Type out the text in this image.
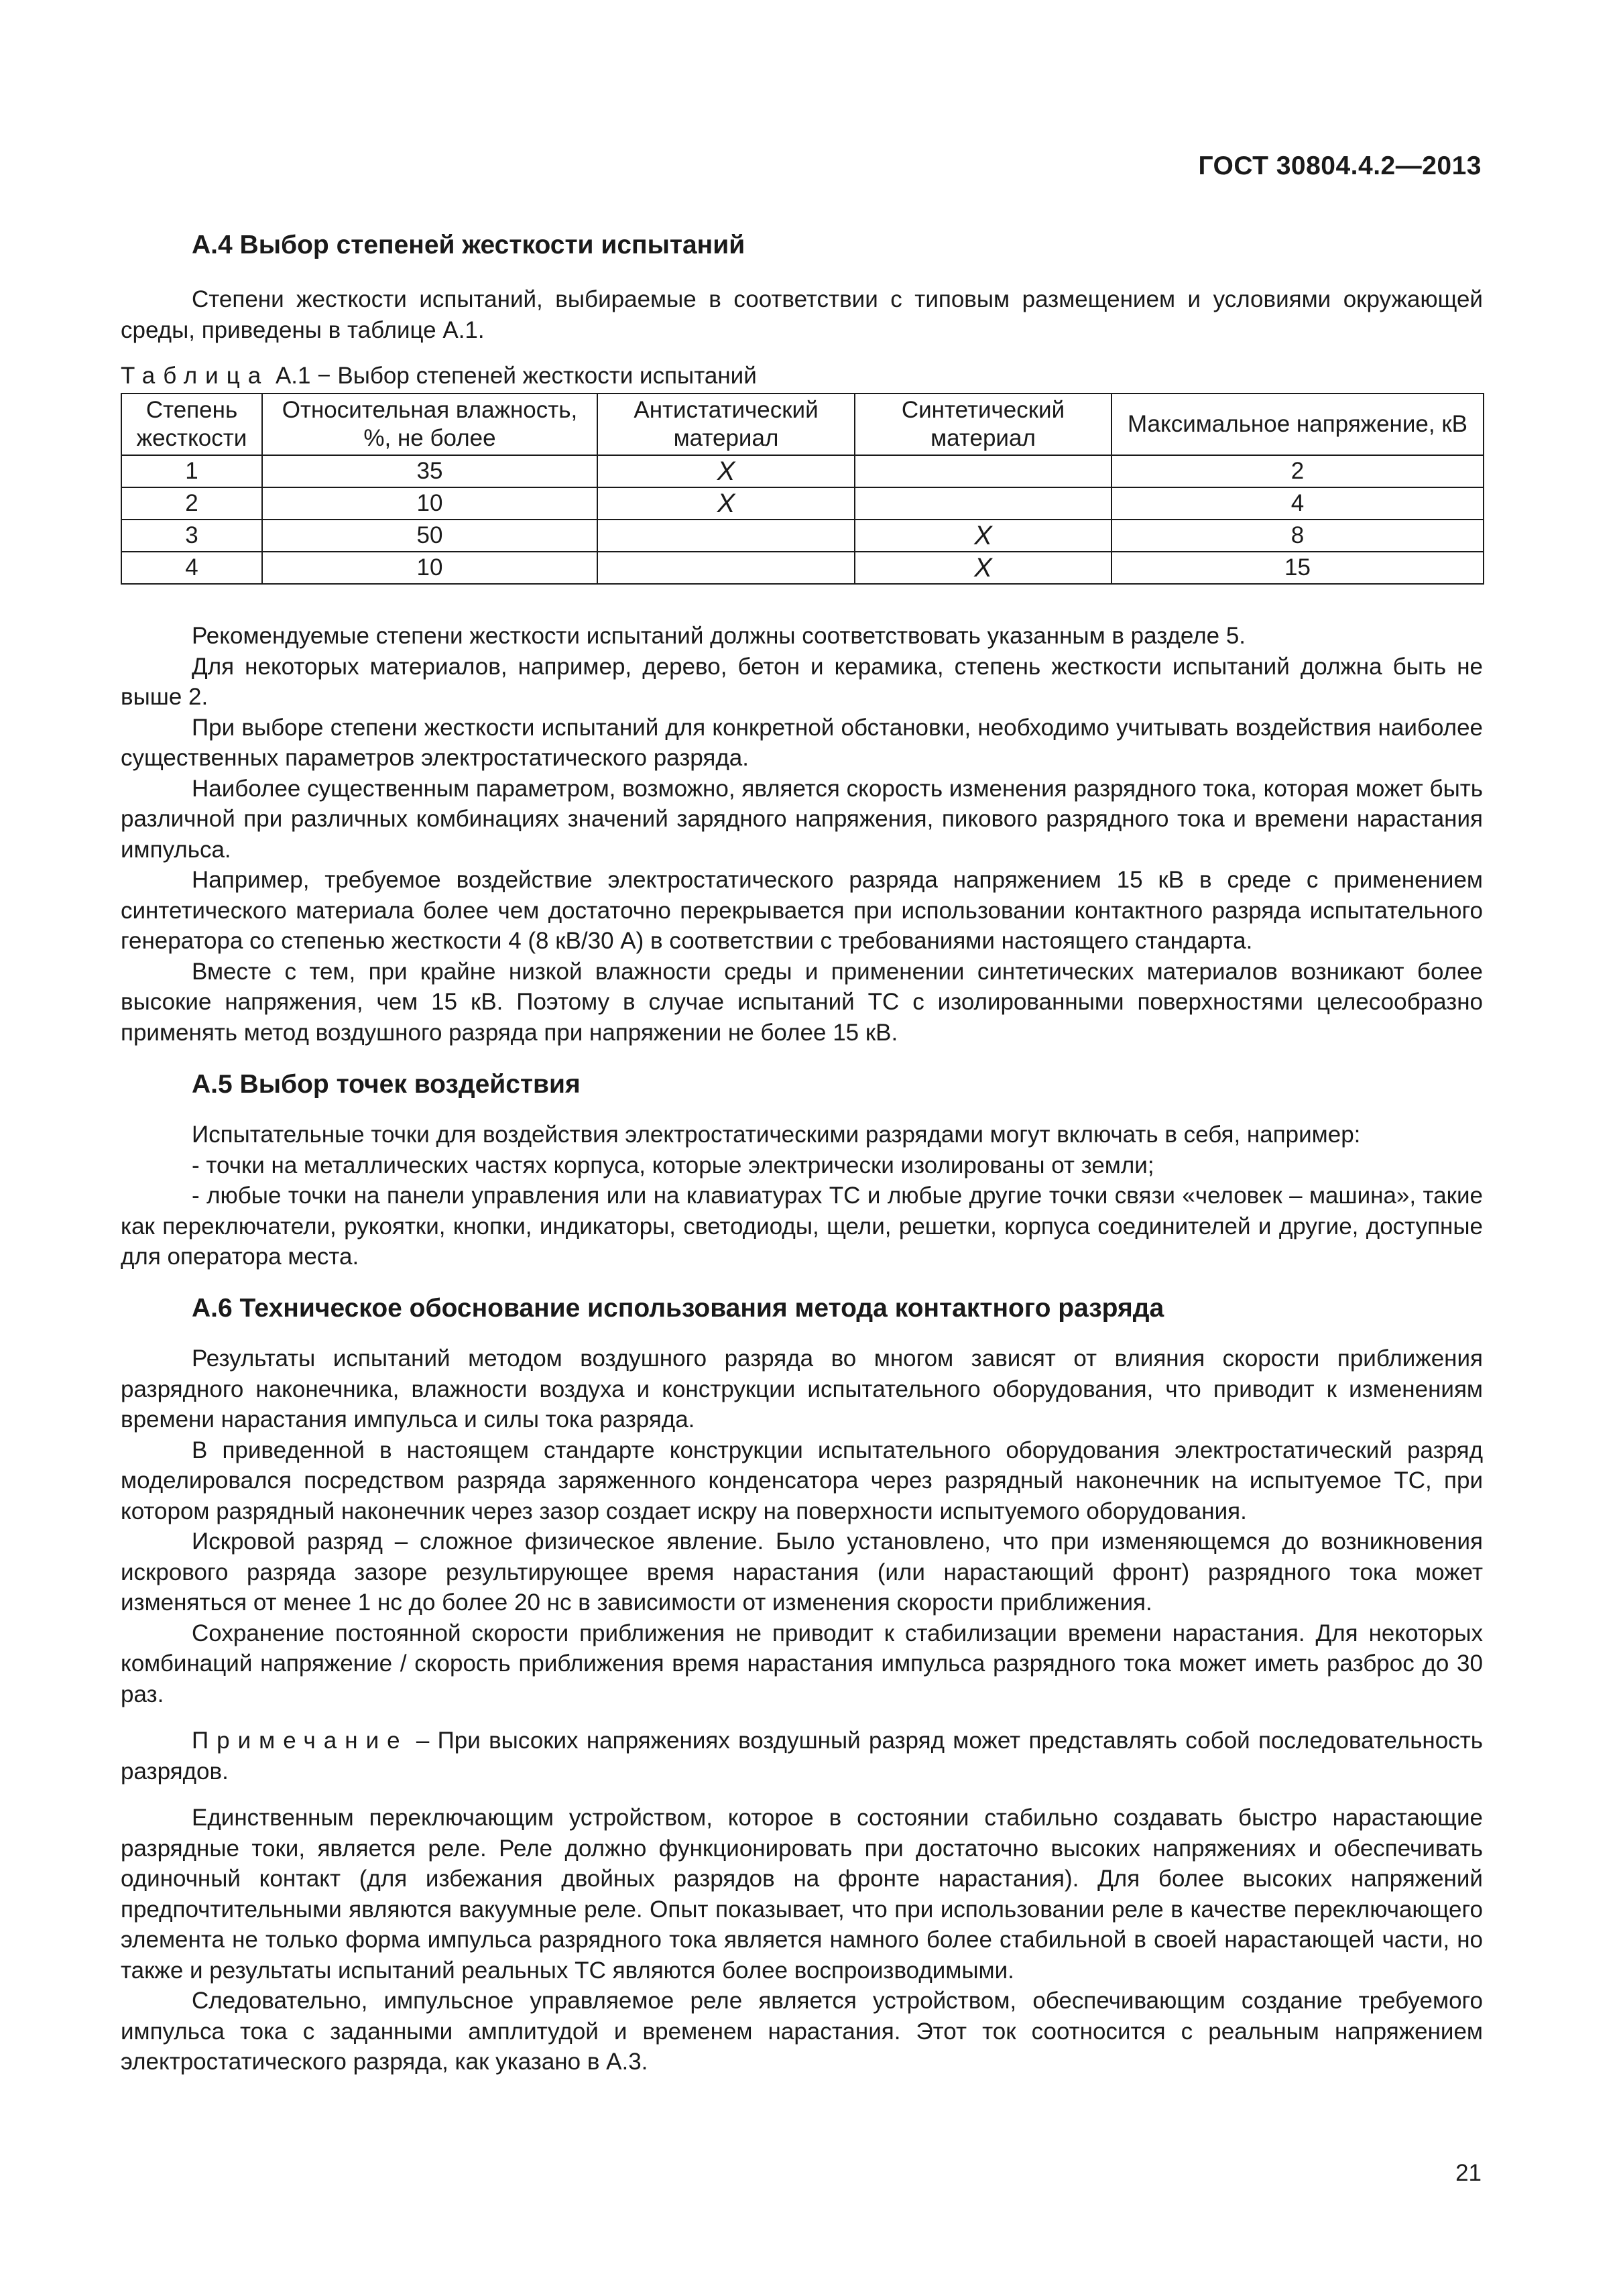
ГОСТ 30804.4.2—2013
А.4 Выбор степеней жесткости испытаний

Степени жесткости испытаний, выбираемые в соответствии с типовым размещением и условиями окружающей среды, приведены в таблице А.1.

Таблица А.1 − Выбор степеней жесткости испытаний
Степень жесткости	Относительная влажность, %, не более	Антистатический материал	Синтетический материал	Максимальное напряжение, кВ
1	35	X		2
2	10	X		4
3	50		X	8
4	10		X	15

Рекомендуемые степени жесткости испытаний должны соответствовать указанным в разделе 5.

Для некоторых материалов, например, дерево, бетон и керамика, степень жесткости испытаний должна быть не выше 2.

При выборе степени жесткости испытаний для конкретной обстановки, необходимо учитывать воздействия наиболее существенных параметров электростатического разряда.

Наиболее существенным параметром, возможно, является скорость изменения разрядного тока, которая может быть различной при различных комбинациях значений зарядного напряжения, пикового разрядного тока и времени нарастания импульса.

Например, требуемое воздействие электростатического разряда напряжением 15 кВ в среде с применением синтетического материала более чем достаточно перекрывается при использовании контактного разряда испытательного генератора со степенью жесткости 4 (8 кВ/30 А) в соответствии с требованиями настоящего стандарта.

Вместе с тем, при крайне низкой влажности среды и применении синтетических материалов возникают более высокие напряжения, чем 15 кВ. Поэтому в случае испытаний ТС с изолированными поверхностями целесообразно применять метод воздушного разряда при напряжении не более 15 кВ.

А.5 Выбор точек воздействия

Испытательные точки для воздействия электростатическими разрядами могут включать в себя, например:

- точки на металлических частях корпуса, которые электрически изолированы от земли;

- любые точки на панели управления или на клавиатурах ТС и любые другие точки связи «человек – машина», такие как переключатели, рукоятки, кнопки, индикаторы, светодиоды, щели, решетки, корпуса соединителей и другие, доступные для оператора места.

А.6 Техническое обоснование использования метода контактного разряда

Результаты испытаний методом воздушного разряда во многом зависят от влияния скорости приближения разрядного наконечника, влажности воздуха и конструкции испытательного оборудования, что приводит к изменениям времени нарастания импульса и силы тока разряда.

В приведенной в настоящем стандарте конструкции испытательного оборудования электростатический разряд моделировался посредством разряда заряженного конденсатора через разрядный наконечник на испытуемое ТС, при котором разрядный наконечник через зазор создает искру на поверхности испытуемого оборудования.

Искровой разряд – сложное физическое явление. Было установлено, что при изменяющемся до возникновения искрового разряда зазоре результирующее время нарастания (или нарастающий фронт) разрядного тока может изменяться от менее 1 нс до более 20 нс в зависимости от изменения скорости приближения.

Сохранение постоянной скорости приближения не приводит к стабилизации времени нарастания. Для некоторых комбинаций напряжение / скорость приближения время нарастания импульса разрядного тока может иметь разброс до 30 раз.

Примечание – При высоких напряжениях воздушный разряд может представлять собой последовательность разрядов.

Единственным переключающим устройством, которое в состоянии стабильно создавать быстро нарастающие разрядные токи, является реле. Реле должно функционировать при достаточно высоких напряжениях и обеспечивать одиночный контакт (для избежания двойных разрядов на фронте нарастания). Для более высоких напряжений предпочтительными являются вакуумные реле. Опыт показывает, что при использовании реле в качестве переключающего элемента не только форма импульса разрядного тока является намного более стабильной в своей нарастающей части, но также и результаты испытаний реальных ТС являются более воспроизводимыми.

Следовательно, импульсное управляемое реле является устройством, обеспечивающим создание требуемого импульса тока с заданными амплитудой и временем нарастания. Этот ток соотносится с реальным напряжением электростатического разряда, как указано в А.3.

21
